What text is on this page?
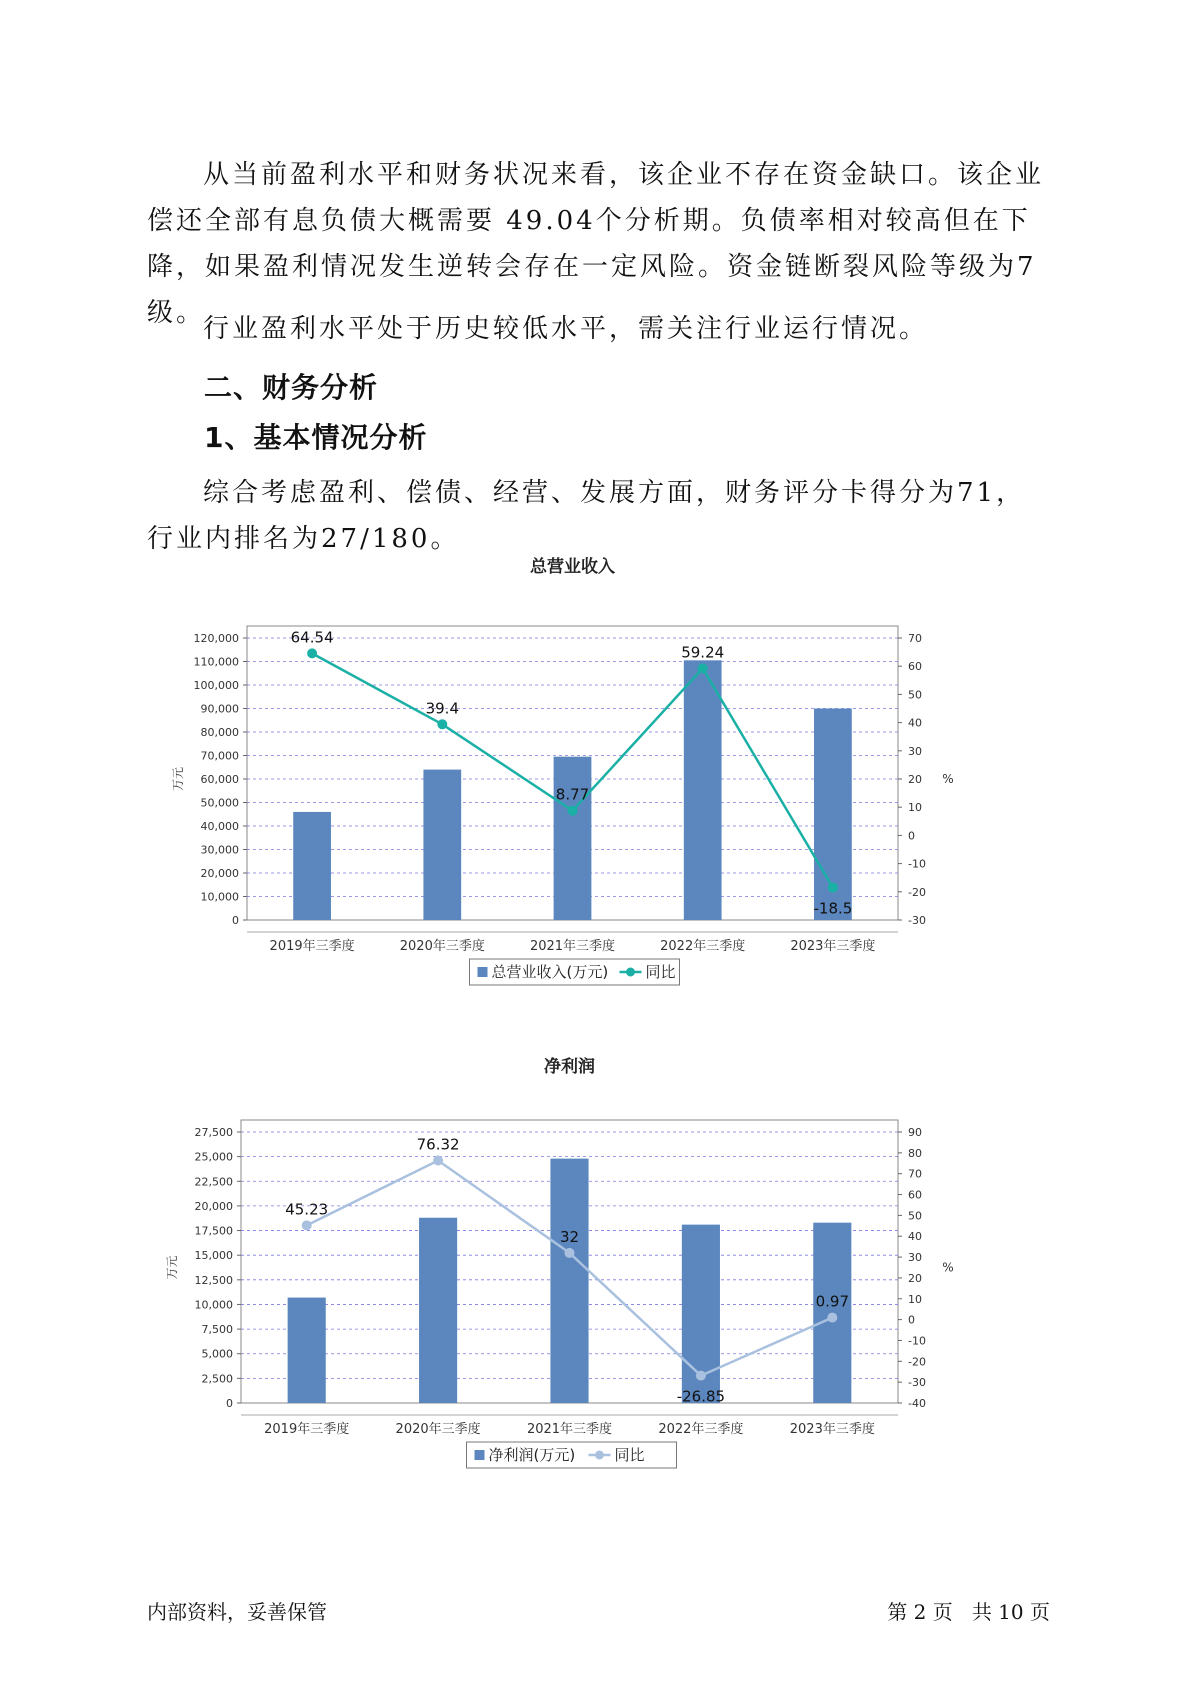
从当前盈利水平和财务状况来看，该企业不存在资金缺口。该企业偿还全部有息负债大概需要 49.04个分析期。负债率相对较高但在下降，如果盈利情况发生逆转会存在一定风险。资金链断裂风险等级为7级。

行业盈利水平处于历史较低水平，需关注行业运行情况。

二、财务分析
1、基本情况分析

综合考虑盈利、偿债、经营、发展方面，财务评分卡得分为71，行业内排名为27/180。

总营业收入
0
10,000
20,000
30,000
40,000
50,000
60,000
70,000
80,000
90,000
100,000
110,000
120,000
-30
-20
-10
0
10
20
30
40
50
60
70
万元	%
2019年三季度	2020年三季度	2021年三季度	2022年三季度	2023年三季度
64.54
39.4
8.77
59.24
-18.5
总营业收入(万元) 同比
净利润
0
2,500
5,000
7,500
10,000
12,500
15,000
17,500
20,000
22,500
25,000
27,500
-40
-30
-20
-10
0
10
20
30
40
50
60
70
80
90
万元	%
2019年三季度	2020年三季度	2021年三季度	2022年三季度	2023年三季度
45.23
76.32
32
-26.85
0.97
净利润(万元)	同比

内部资料，妥善保管	第 2 页   共 10 页
